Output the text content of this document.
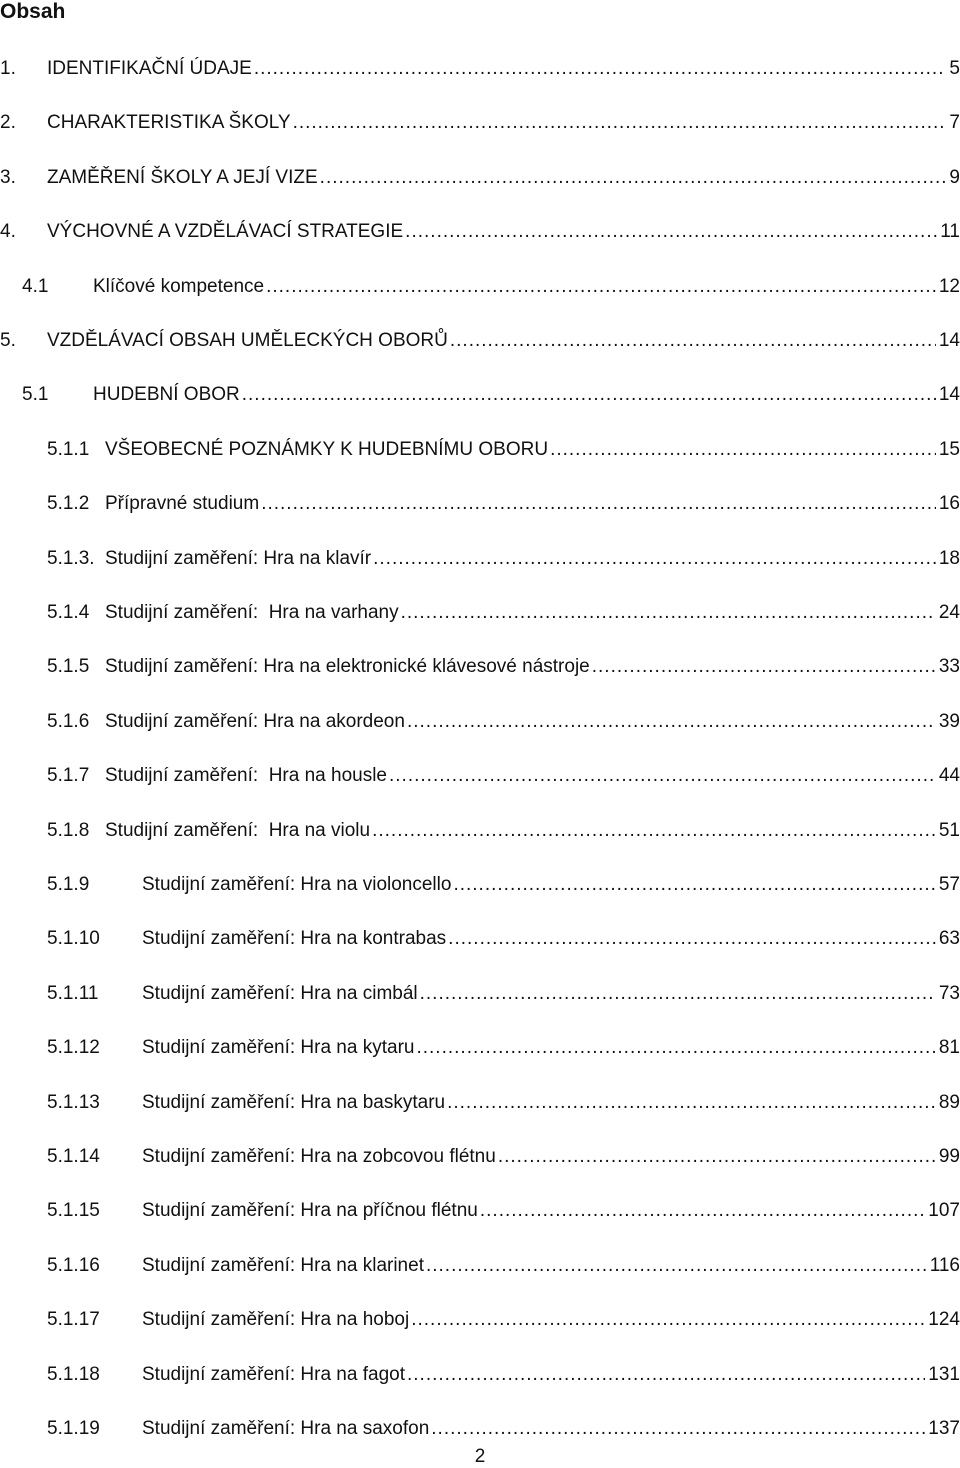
Obsah
1.	IDENTIFIKAČNÍ ÚDAJE .....	5
2.	CHARAKTERISTIKA ŠKOLY .....	7
3.	ZAMĚŘENÍ ŠKOLY A JEJÍ VIZE .....	9
4.	VÝCHOVNÉ A VZDĚLÁVACÍ STRATEGIE .....	11
4.1	Klíčové kompetence .....	12
5.	VZDĚLÁVACÍ OBSAH UMĚLECKÝCH OBORŮ .....	14
5.1	HUDEBNÍ OBOR .....	14
5.1.1 VŠEOBECNÉ POZNÁMKY K HUDEBNÍMU OBORU .....	15
5.1.2 Přípravné studium .....	16
5.1.3. Studijní zaměření: Hra na klavír .....	18
5.1.4 Studijní zaměření:  Hra na varhany .....	24
5.1.5 Studijní zaměření: Hra na elektronické klávesové nástroje .....	33
5.1.6 Studijní zaměření: Hra na akordeon .....	39
5.1.7 Studijní zaměření:  Hra na housle .....	44
5.1.8 Studijní zaměření:  Hra na violu .....	51
5.1.9	Studijní zaměření: Hra na violoncello .....	57
5.1.10	Studijní zaměření: Hra na kontrabas .....	63
5.1.11	Studijní zaměření: Hra na cimbál .....	73
5.1.12	Studijní zaměření: Hra na kytaru .....	81
5.1.13	Studijní zaměření: Hra na baskytaru .....	89
5.1.14	Studijní zaměření: Hra na zobcovou flétnu .....	99
5.1.15	Studijní zaměření: Hra na příčnou flétnu .....	107
5.1.16	Studijní zaměření: Hra na klarinet .....	116
5.1.17	Studijní zaměření: Hra na hoboj .....	124
5.1.18	Studijní zaměření: Hra na fagot .....	131
5.1.19	Studijní zaměření: Hra na saxofon .....	137
2
